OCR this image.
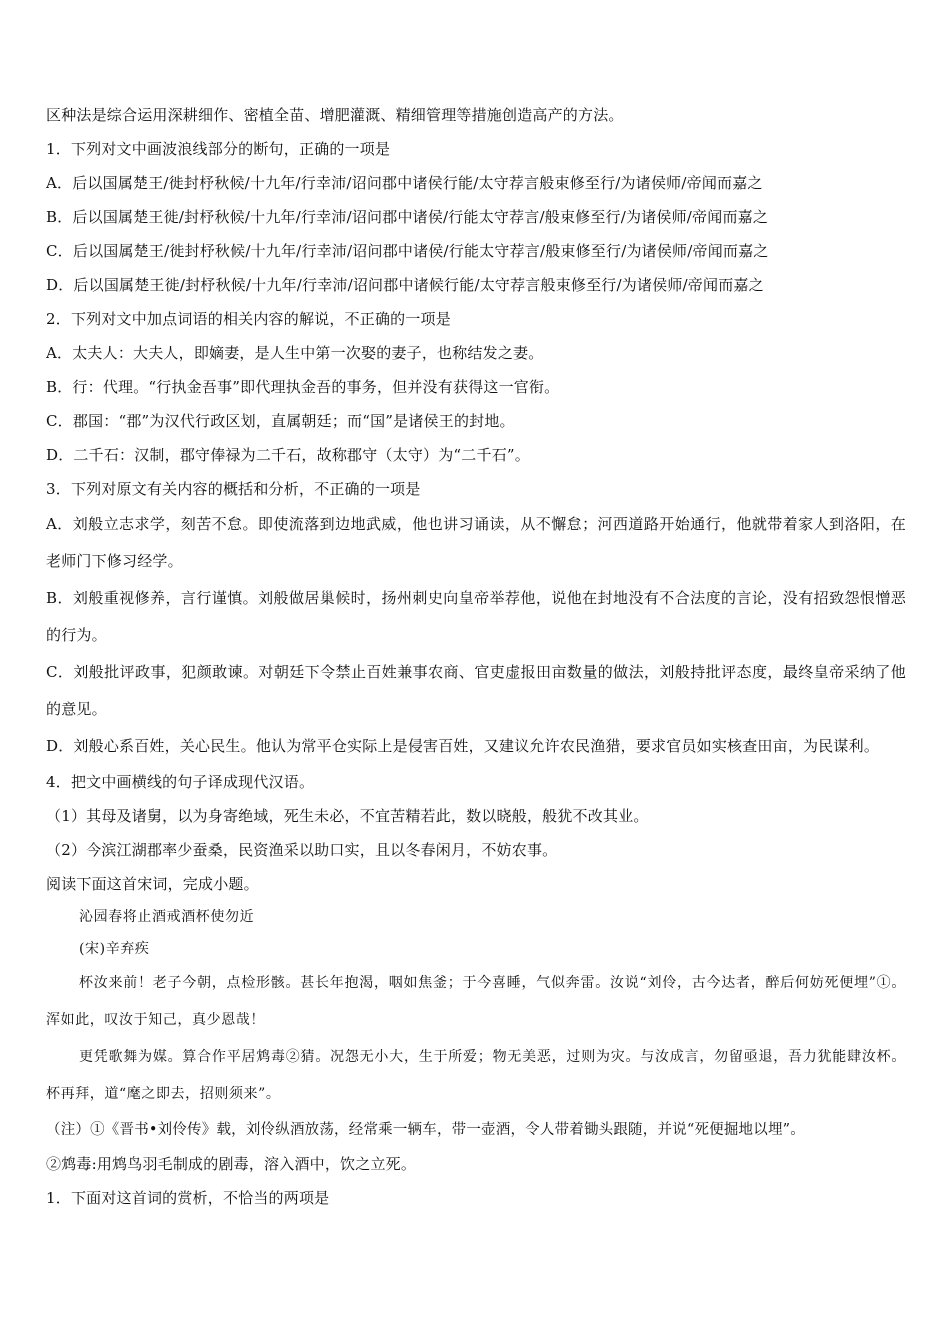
区种法是综合运用深耕细作、密植全苗、增肥灌溉、精细管理等措施创造高产的方法。
1．下列对文中画波浪线部分的断句，正确的一项是
A．后以国属楚王/徙封杼秋候/十九年/行幸沛/诏问郡中诸侯行能/太守荐言般束修至行/为诸侯师/帝闻而嘉之
B．后以国属楚王徙/封杼秋候/十九年/行幸沛/诏问郡中诸侯/行能太守荐言/般束修至行/为诸侯师/帝闻而嘉之
C．后以国属楚王/徙封杼秋候/十九年/行幸沛/诏问郡中诸侯/行能太守荐言/般束修至行/为诸侯师/帝闻而嘉之
D．后以国属楚王徙/封杼秋候/十九年/行幸沛/诏问郡中诸候行能/太守荐言般束修至行/为诸侯师/帝闻而嘉之
2．下列对文中加点词语的相关内容的解说，不正确的一项是
A．太夫人：大夫人，即嫡妻，是人生中第一次娶的妻子，也称结发之妻。
B．行：代理。“行执金吾事”即代理执金吾的事务，但并没有获得这一官衔。
C．郡国：“郡”为汉代行政区划，直属朝廷；而“国”是诸侯王的封地。
D．二千石：汉制，郡守俸禄为二千石，故称郡守（太守）为“二千石”。
3．下列对原文有关内容的概括和分析，不正确的一项是
A．刘般立志求学，刻苦不怠。即使流落到边地武威，他也讲习诵读，从不懈怠；河西道路开始通行，他就带着家人到洛阳，在老师门下修习经学。
B．刘般重视修养，言行谨慎。刘般做居巢候时，扬州刺史向皇帝举荐他，说他在封地没有不合法度的言论，没有招致怨恨憎恶的行为。
C．刘般批评政事，犯颜敢谏。对朝廷下令禁止百姓兼事农商、官吏虚报田亩数量的做法，刘般持批评态度，最终皇帝采纳了他的意见。
D．刘般心系百姓，关心民生。他认为常平仓实际上是侵害百姓，又建议允许农民渔猎，要求官员如实核查田亩，为民谋利。
4．把文中画横线的句子译成现代汉语。
（1）其母及诸舅，以为身寄绝域，死生未必，不宜苦精若此，数以晓般，般犹不改其业。
（2）今滨江湖郡率少蚕桑，民资渔采以助口实，且以冬春闲月，不妨农事。
阅读下面这首宋词，完成小题。
沁园春将止酒戒酒杯使勿近
(宋)辛弃疾
杯汝来前！老子今朝，点检形骸。甚长年抱渴，咽如焦釜；于今喜睡，气似奔雷。汝说“刘伶，古今达者，醉后何妨死便埋”①。浑如此，叹汝于知己，真少恩哉！
更凭歌舞为媒。算合作平居鸩毒②猜。况怨无小大，生于所爱；物无美恶，过则为灾。与汝成言，勿留亟退，吾力犹能肆汝杯。杯再拜，道“麾之即去，招则须来”。
（注）①《晋书•刘伶传》载，刘伶纵酒放荡，经常乘一辆车，带一壶酒，令人带着锄头跟随，并说“死便掘地以埋”。
②鸩毒:用鸩鸟羽毛制成的剧毒，溶入酒中，饮之立死。
1．下面对这首词的赏析，不恰当的两项是
